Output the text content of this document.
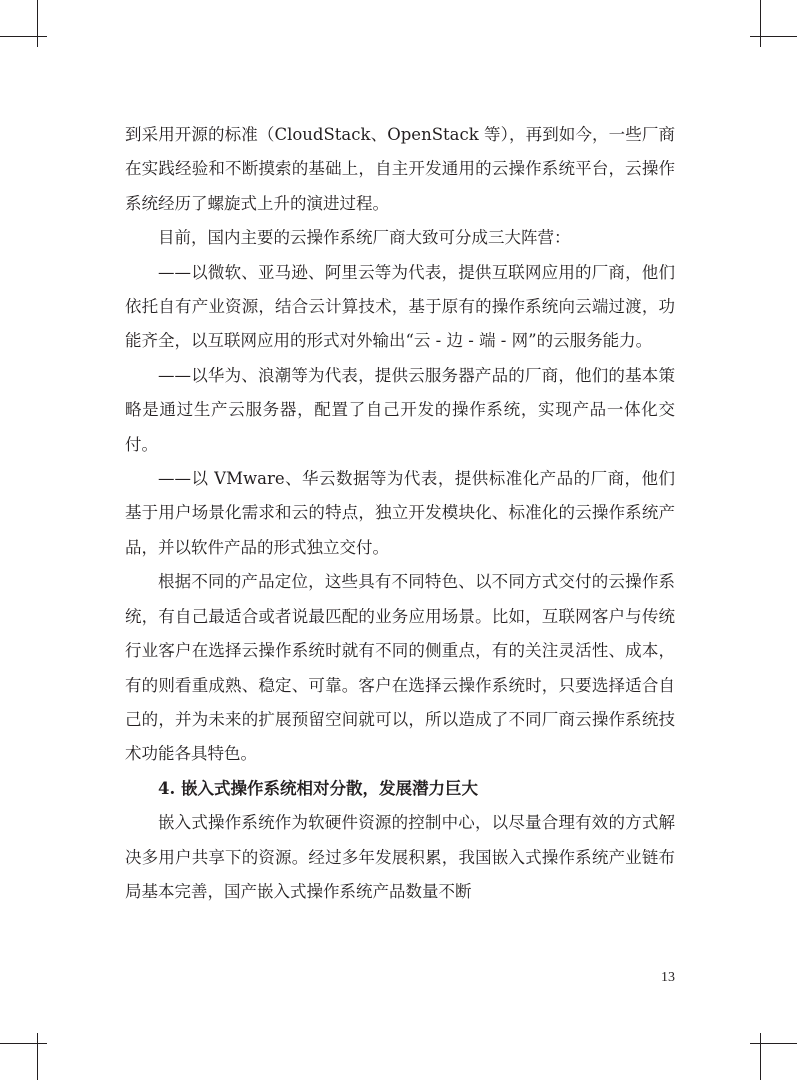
到采用开源的标准（CloudStack、OpenStack 等），再到如今，一些厂商在实践经验和不断摸索的基础上，自主开发通用的云操作系统平台，云操作系统经历了螺旋式上升的演进过程。

目前，国内主要的云操作系统厂商大致可分成三大阵营：

——以微软、亚马逊、阿里云等为代表，提供互联网应用的厂商，他们依托自有产业资源，结合云计算技术，基于原有的操作系统向云端过渡，功能齐全，以互联网应用的形式对外输出“云 - 边 - 端 - 网”的云服务能力。

——以华为、浪潮等为代表，提供云服务器产品的厂商，他们的基本策略是通过生产云服务器，配置了自己开发的操作系统，实现产品一体化交付。

——以 VMware、华云数据等为代表，提供标准化产品的厂商，他们基于用户场景化需求和云的特点，独立开发模块化、标准化的云操作系统产品，并以软件产品的形式独立交付。

根据不同的产品定位，这些具有不同特色、以不同方式交付的云操作系统，有自己最适合或者说最匹配的业务应用场景。比如，互联网客户与传统行业客户在选择云操作系统时就有不同的侧重点，有的关注灵活性、成本，有的则看重成熟、稳定、可靠。客户在选择云操作系统时，只要选择适合自己的，并为未来的扩展预留空间就可以，所以造成了不同厂商云操作系统技术功能各具特色。

4. 嵌入式操作系统相对分散，发展潜力巨大

嵌入式操作系统作为软硬件资源的控制中心，以尽量合理有效的方式解决多用户共享下的资源。经过多年发展积累，我国嵌入式操作系统产业链布局基本完善，国产嵌入式操作系统产品数量不断

13
